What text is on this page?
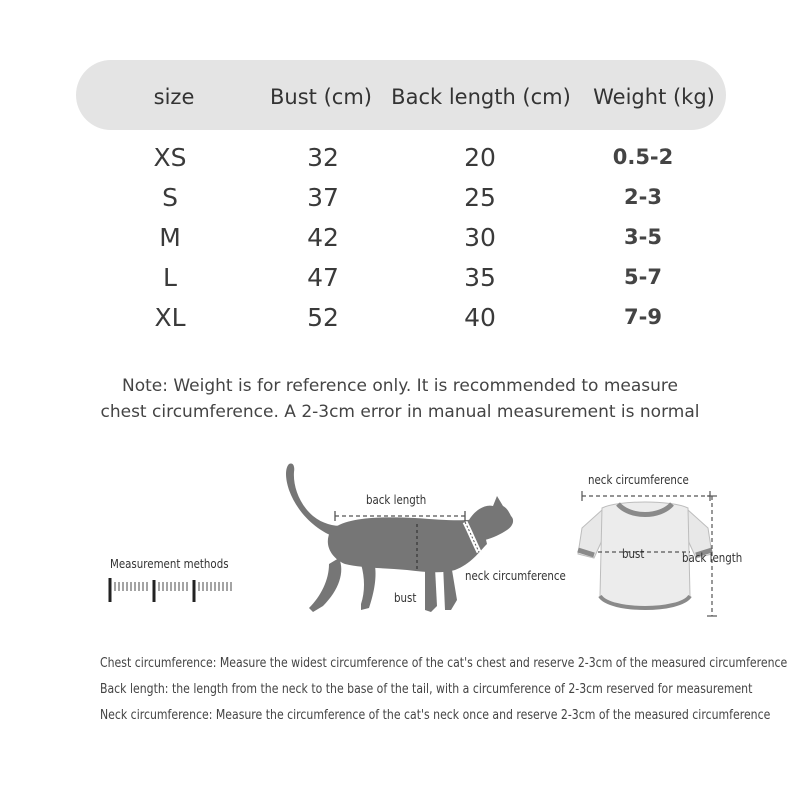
size	Bust (cm) Back length (cm) Weight (kg)
XS	32	20	0.5-2
S	37	25	2-3
M	42	30	3-5
L	47	35	5-7
XL	52	40	7-9
Note: Weight is for reference only. It is recommended to measure
chest circumference. A 2-3cm error in manual measurement is normal
Measurement methods
back length
neck circumference
bust
neck circumference
bust	back length
Chest circumference: Measure the widest circumference of the cat's chest and reserve 2-3cm of the measured circumference
Back length: the length from the neck to the base of the tail, with a circumference of 2-3cm reserved for measurement
Neck circumference: Measure the circumference of the cat's neck once and reserve 2-3cm of the measured circumference
